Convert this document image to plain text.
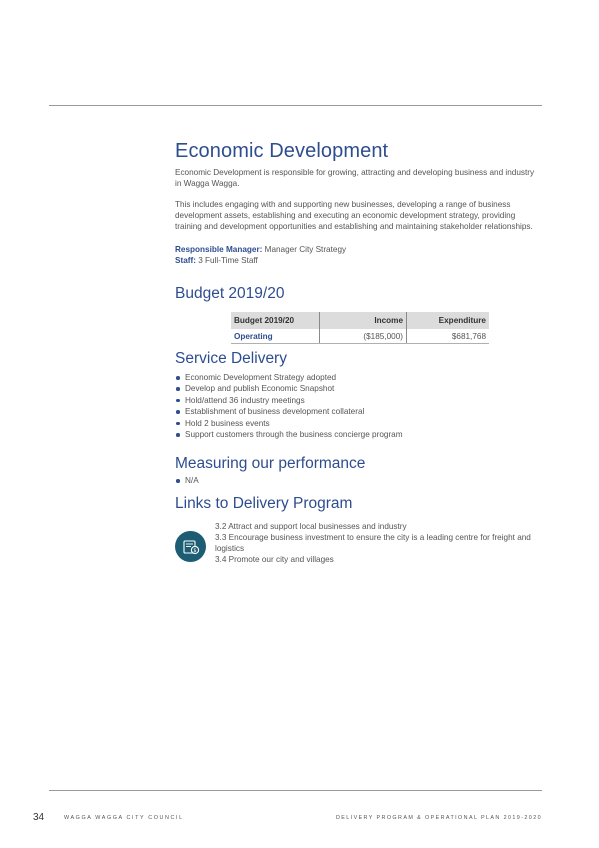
Economic Development

Economic Development is responsible for growing, attracting and developing business and industry in Wagga Wagga.

This includes engaging with and supporting new businesses, developing a range of business development assets, establishing and executing an economic development strategy, providing training and development opportunities and establishing and maintaining stakeholder relationships.

Responsible Manager: Manager City Strategy
Staff: 3 Full-Time Staff
Budget 2019/20
Budget 2019/20	Income	Expenditure
Operating	($185,000)	$681,768
Service Delivery
Economic Development Strategy adopted
Develop and publish Economic Snapshot
Hold/attend 36 industry meetings
Establishment of business development collateral
Hold 2 business events
Support customers through the business concierge program
Measuring our performance
N/A
Links to Delivery Program
$
3.2 Attract and support local businesses and industry
3.3 Encourage business investment to ensure the city is a leading centre for freight and logistics
3.4 Promote our city and villages
34	WAGGA WAGGA CITY COUNCIL	DELIVERY PROGRAM & OPERATIONAL PLAN 2019-2020
